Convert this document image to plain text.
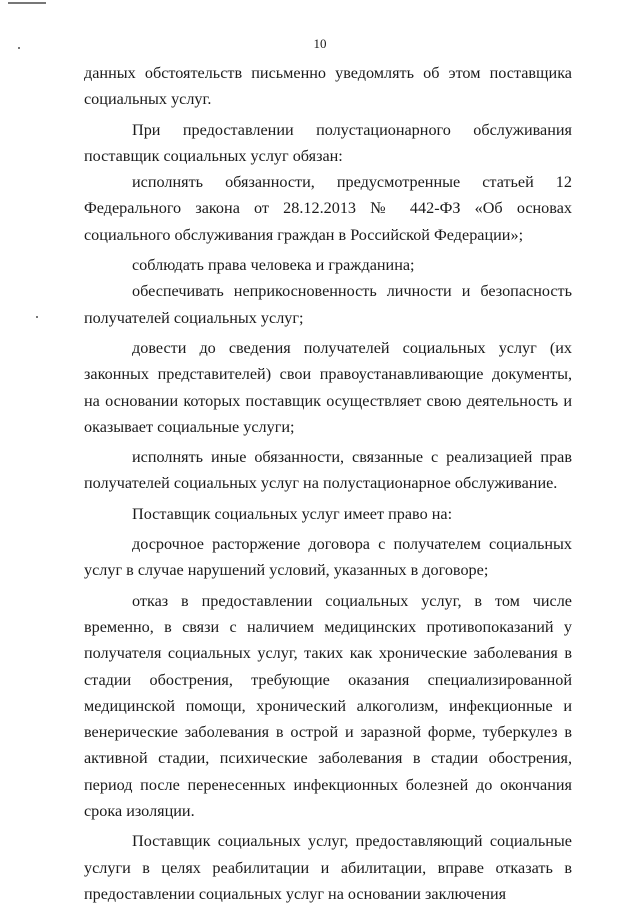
10

данных обстоятельств письменно уведомлять об этом поставщика социальных услуг.

При предоставлении полустационарного обслуживания поставщик социальных услуг обязан:

исполнять обязанности, предусмотренные статьей 12 Федерального закона от 28.12.2013 № 442-ФЗ «Об основах социального обслуживания граждан в Российской Федерации»;

соблюдать права человека и гражданина;

обеспечивать неприкосновенность личности и безопасность получателей социальных услуг;

довести до сведения получателей социальных услуг (их законных представителей) свои правоустанавливающие документы, на основании которых поставщик осуществляет свою деятельность и оказывает социальные услуги;

исполнять иные обязанности, связанные с реализацией прав получателей социальных услуг на полустационарное обслуживание.

Поставщик социальных услуг имеет право на:

досрочное расторжение договора с получателем социальных услуг в случае нарушений условий, указанных в договоре;

отказ в предоставлении социальных услуг, в том числе временно, в связи с наличием медицинских противопоказаний у получателя социальных услуг, таких как хронические заболевания в стадии обострения, требующие оказания специализированной медицинской помощи, хронический алкоголизм, инфекционные и венерические заболевания в острой и заразной форме, туберкулез в активной стадии, психические заболевания в стадии обострения, период после перенесенных инфекционных болезней до окончания срока изоляции.

Поставщик социальных услуг, предоставляющий социальные услуги в целях реабилитации и абилитации, вправе отказать в предоставлении социальных услуг на основании заключения
